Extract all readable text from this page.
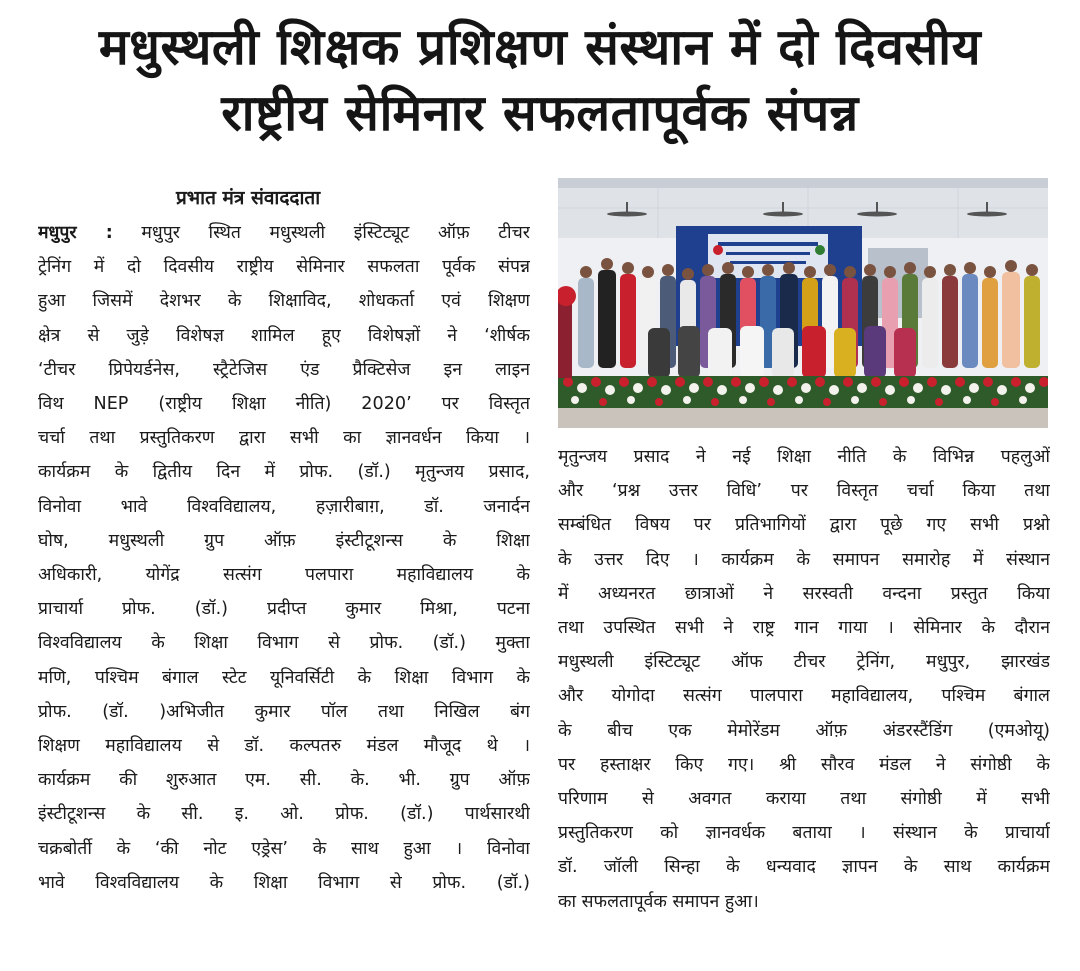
मधुस्थली शिक्षक प्रशिक्षण संस्थान में दो दिवसीय
राष्ट्रीय सेमिनार सफलतापूर्वक संपन्न
प्रभात मंत्र संवाददाता
मधुपुर : मधुपुर स्थित मधुस्थली इंस्टिट्यूट ऑफ़ टीचर
ट्रेनिंग में दो दिवसीय राष्ट्रीय सेमिनार सफलता पूर्वक संपन्न
हुआ जिसमें देशभर के शिक्षाविद, शोधकर्ता एवं शिक्षण
क्षेत्र से जुड़े विशेषज्ञ शामिल हूए विशेषज्ञों ने ‘शीर्षक
‘टीचर प्रिपेयर्डनेस, स्ट्रैटेजिस एंड प्रैक्टिसेज इन लाइन
विथ NEP (राष्ट्रीय शिक्षा नीति) 2020’ पर विस्तृत
चर्चा तथा प्रस्तुतिकरण द्वारा सभी का ज्ञानवर्धन किया ।
कार्यक्रम के द्वितीय दिन में प्रोफ. (डॉ.) मृतुन्जय प्रसाद,
विनोवा भावे विश्वविद्यालय, हज़ारीबाग़, डॉ. जनार्दन
घोष, मधुस्थली ग्रुप ऑफ़ इंस्टीटूशन्स के शिक्षा
अधिकारी, योगेंद्र सत्संग पलपारा महाविद्यालय के
प्राचार्या प्रोफ. (डॉ.) प्रदीप्त कुमार मिश्रा, पटना
विश्वविद्यालय के शिक्षा विभाग से प्रोफ. (डॉ.) मुक्ता
मणि, पश्चिम बंगाल स्टेट यूनिवर्सिटी के शिक्षा विभाग के
प्रोफ. (डॉ. )अभिजीत कुमार पॉल तथा निखिल बंग
शिक्षण महाविद्यालय से डॉ. कल्पतरु मंडल मौजूद थे ।
कार्यक्रम की शुरुआत एम. सी. के. भी. ग्रुप ऑफ़
इंस्टीटूशन्स के सी. इ. ओ. प्रोफ. (डॉ.) पार्थसारथी
चक्रबोर्ती के ‘की नोट एड्रेस’ के साथ हुआ । विनोवा
भावे विश्वविद्यालय के शिक्षा विभाग से प्रोफ. (डॉ.)
मृतुन्जय प्रसाद ने नई शिक्षा नीति के विभिन्न पहलुओं
और ‘प्रश्न उत्तर विधि’ पर विस्तृत चर्चा किया तथा
सम्बंधित विषय पर प्रतिभागियों द्वारा पूछे गए सभी प्रश्नो
के उत्तर दिए । कार्यक्रम के समापन समारोह में संस्थान
में अध्यनरत छात्राओं ने सरस्वती वन्दना प्रस्तुत किया
तथा उपस्थित सभी ने राष्ट्र गान गाया । सेमिनार के दौरान
मधुस्थली इंस्टिट्यूट ऑफ टीचर ट्रेनिंग, मधुपुर, झारखंड
और योगोदा सत्संग पालपारा महाविद्यालय, पश्चिम बंगाल
के बीच एक मेमोरेंडम ऑफ़ अंडरस्टैंडिंग (एमओयू)
पर हस्ताक्षर किए गए। श्री सौरव मंडल ने संगोष्ठी के
परिणाम से अवगत कराया तथा संगोष्ठी में सभी
प्रस्तुतिकरण को ज्ञानवर्धक बताया । संस्थान के प्राचार्या
डॉ. जॉली सिन्हा के धन्यवाद ज्ञापन के साथ कार्यक्रम
का सफलतापूर्वक समापन हुआ।
